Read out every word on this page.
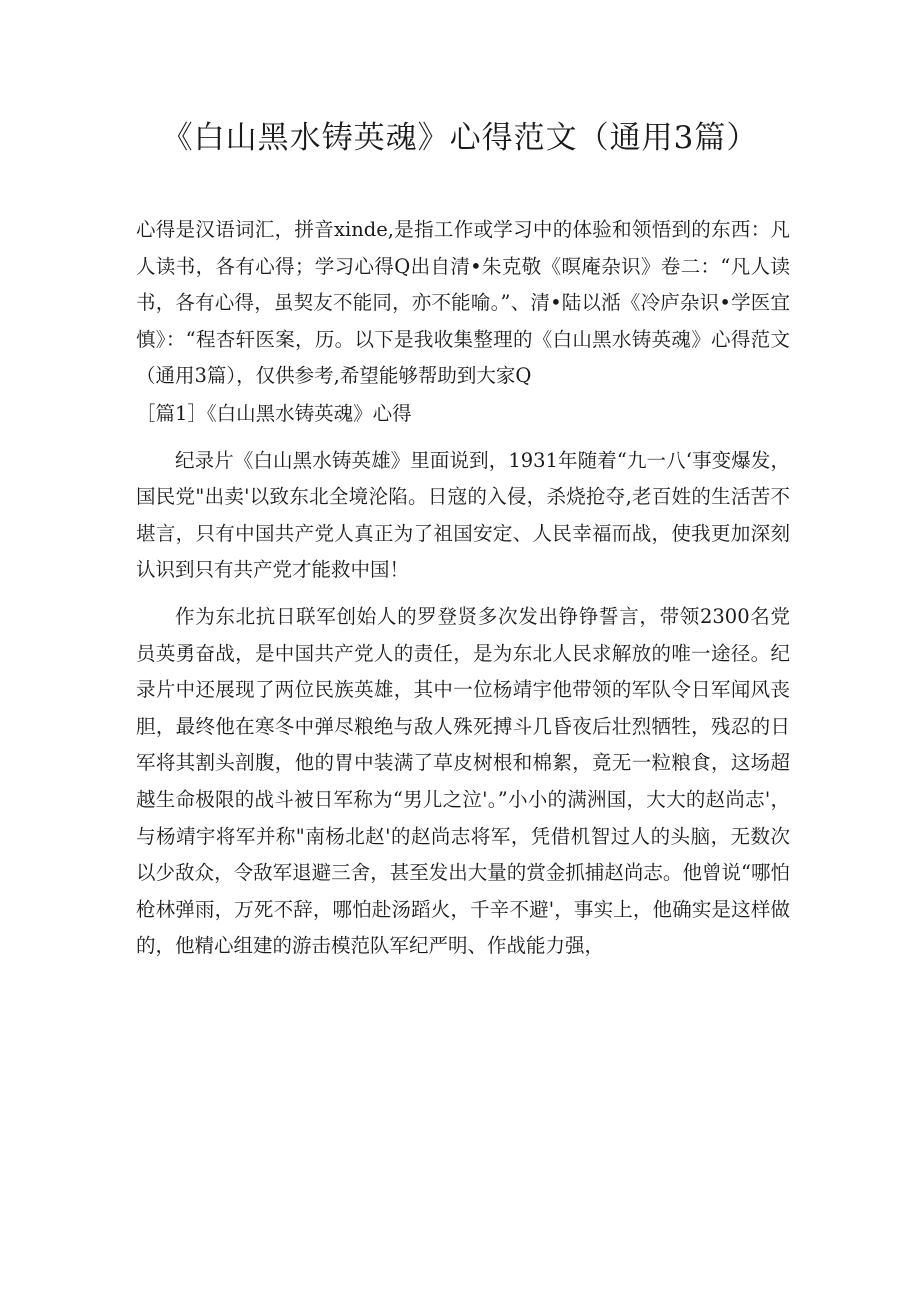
《白山黑水铸英魂》心得范文（通用3篇）

心得是汉语词汇，拼音xinde,是指工作或学习中的体验和领悟到的东西：凡人读书，各有心得；学习心得Q出自清•朱克敬《暝庵杂识》卷二：“凡人读书，各有心得，虽契友不能同，亦不能喻。”、清•陆以湉《冷庐杂识•学医宜慎》：“程杏轩医案，历。以下是我收集整理的《白山黑水铸英魂》心得范文（通用3篇），仅供参考,希望能够帮助到大家Q

［篇1］《白山黑水铸英魂》心得

纪录片《白山黑水铸英雄》里面说到，1931年随着“九一八‘事变爆发，国民党"出卖'以致东北全境沦陷。日寇的入侵，杀烧抢夺,老百姓的生活苦不堪言，只有中国共产党人真正为了祖国安定、人民幸福而战，使我更加深刻认识到只有共产党才能救中国！

作为东北抗日联军创始人的罗登贤多次发出铮铮誓言，带领2300名党员英勇奋战，是中国共产党人的责任，是为东北人民求解放的唯一途径。纪录片中还展现了两位民族英雄，其中一位杨靖宇他带领的军队令日军闻风丧胆，最终他在寒冬中弹尽粮绝与敌人殊死搏斗几昏夜后壮烈牺牲，残忍的日军将其割头剖腹，他的胃中装满了草皮树根和棉絮，竟无一粒粮食，这场超越生命极限的战斗被日军称为“男儿之泣'。”小小的满洲国，大大的赵尚志'，与杨靖宇将军并称"南杨北赵'的赵尚志将军，凭借机智过人的头脑，无数次以少敌众，令敌军退避三舍，甚至发出大量的赏金抓捕赵尚志。他曾说“哪怕枪林弹雨，万死不辞，哪怕赴汤蹈火，千辛不避'，事实上，他确实是这样做的，他精心组建的游击模范队军纪严明、作战能力强，
